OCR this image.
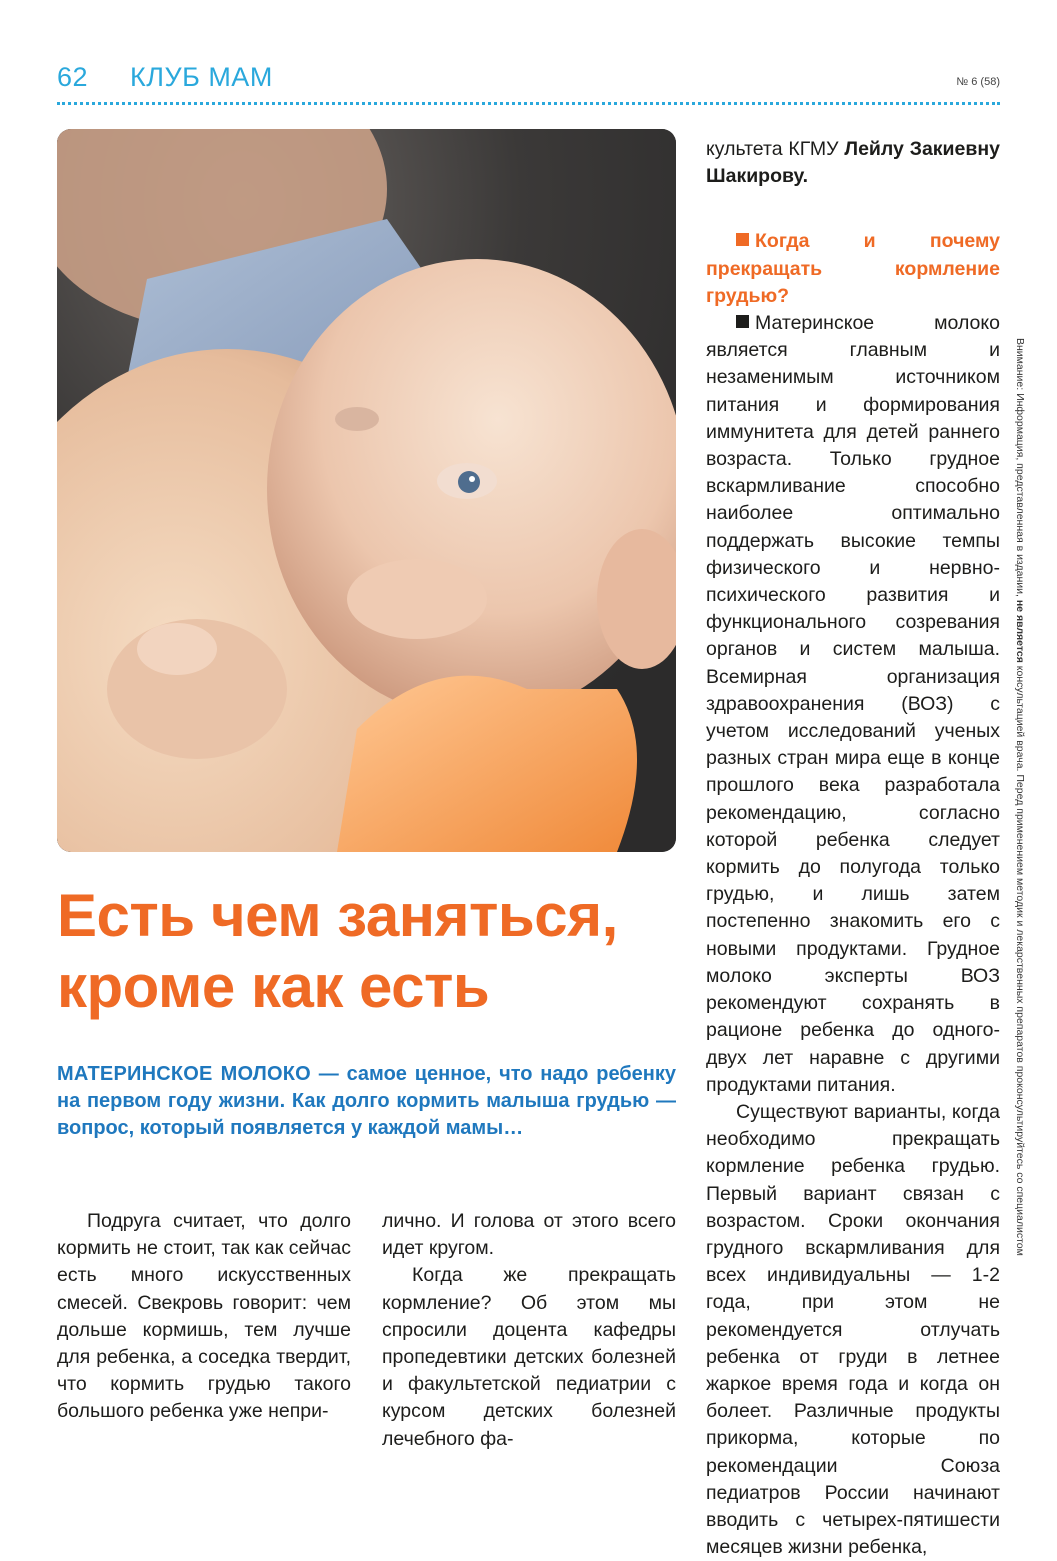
62 КЛУБ МАМ	№ 6 (58)
Есть чем заняться,
кроме как есть
МАТЕРИНСКОЕ МОЛОКО — самое ценное, что надо ребенку на первом году жизни. Как долго кормить малыша грудью — вопрос, который появляется у каждой мамы…

Подруга считает, что долго кормить не стоит, так как сейчас есть много искусственных смесей. Свекровь говорит: чем дольше кормишь, тем лучше для ребенка, а соседка твердит, что кормить грудью такого большого ребенка уже непри-

лично. И голова от этого всего идет кругом.

Когда же прекращать кормление? Об этом мы спросили доцента кафедры пропедевтики детских болезней и факультетской педиатрии с курсом детских болезней лечебного фа-

культета КГМУ Лейлу Закиевну Шакирову.

Когда и почему прекращать кормление грудью?

Материнское молоко является главным и незаменимым источником питания и формирования иммунитета для детей раннего возраста. Только грудное вскармливание способно наиболее оптимально поддержать высокие темпы физического и нервно-психического развития и функционального созревания органов и систем малыша. Всемирная организация здравоохранения (ВОЗ) с учетом исследований ученых разных стран мира еще в конце прошлого века разработала рекомендацию, согласно которой ребенка следует кормить до полугода только грудью, и лишь затем постепенно знакомить его с новыми продуктами. Грудное молоко эксперты ВОЗ рекомендуют сохранять в рационе ребенка до одного-двух лет наравне с другими продуктами питания.

Существуют варианты, когда необходимо прекращать кормление ребенка грудью. Первый вариант связан с возрастом. Сроки окончания грудного вскармливания для всех индивидуальны — 1-2 года, при этом не рекомендуется отлучать ребенка от груди в летнее жаркое время года и когда он болеет. Различные продукты прикорма, которые по рекомендации Союза педиатров России начинают вводить с четырех-пятишести месяцев жизни ребенка,

Внимание: Информация, представленная в издании, не является консультацией врача. Перед применением методик и лекарственных препаратов проконсультируйтесь со специалистом
